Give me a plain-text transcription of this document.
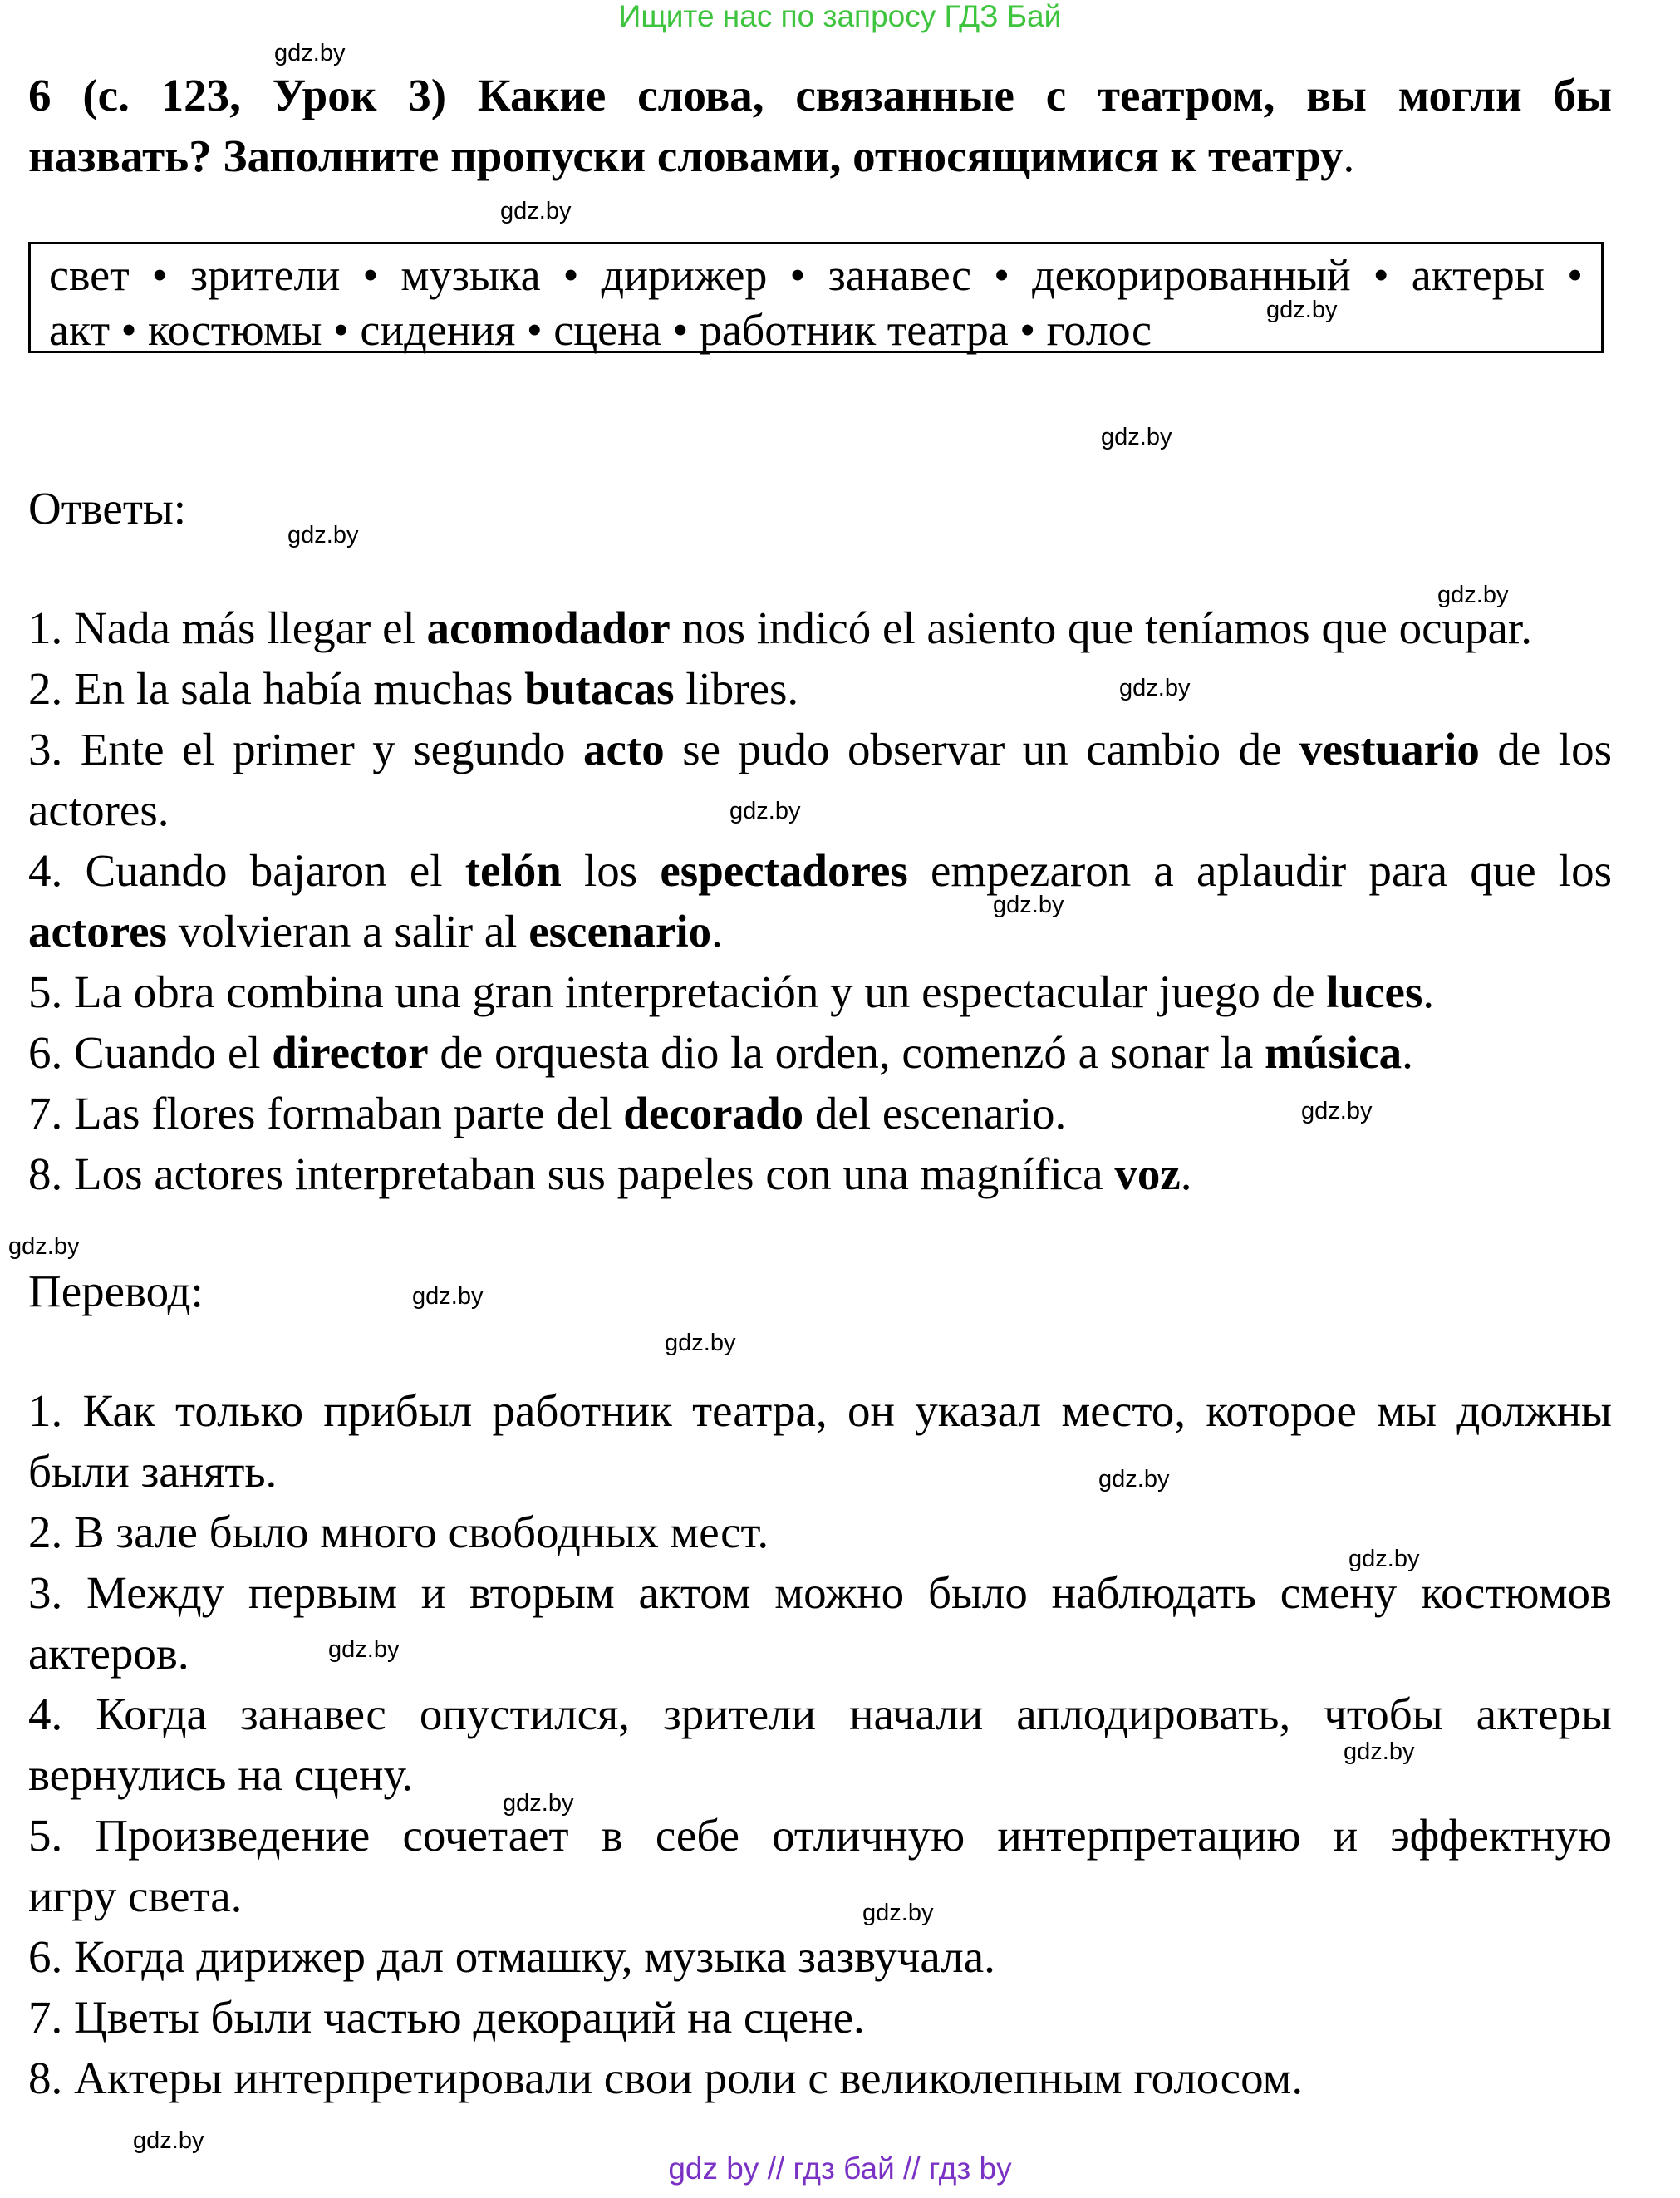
Ищите нас по запросу ГДЗ Бай
gdz.by
gdz.by
gdz.by
gdz.by
gdz.by
gdz.by
gdz.by
gdz.by
gdz.by
gdz.by
gdz.by
gdz.by
gdz.by
gdz.by
gdz.by
gdz.by
gdz.by
gdz.by
gdz.by
gdz.by
6 (с. 123, Урок 3) Какие слова, связанные с театром, вы могли бы
назвать? Заполните пропуски словами, относящимися к театру.
свет • зрители • музыка • дирижер • занавес • декорированный • актеры •
акт • костюмы • сидения • сцена • работник театра • голос
Ответы:
1. Nada más llegar el acomodador nos indicó el asiento que teníamos que ocupar.
2. En la sala había muchas butacas libres.
3. Ente el primer y segundo acto se pudo observar un cambio de vestuario de los actores.
4. Cuando bajaron el telón los espectadores empezaron a aplaudir para que los actores volvieran a salir al escenario.
5. La obra combina una gran interpretación y un espectacular juego de luces.
6. Cuando el director de orquesta dio la orden, comenzó a sonar la música.
7. Las flores formaban parte del decorado del escenario.
8. Los actores interpretaban sus papeles con una magnífica voz.
Перевод:
1. Как только прибыл работник театра, он указал место, которое мы должны
были занять.
2. В зале было много свободных мест.
3. Между первым и вторым актом можно было наблюдать смену костюмов
актеров.
4. Когда занавес опустился, зрители начали аплодировать, чтобы актеры
вернулись на сцену.
5. Произведение сочетает в себе отличную интерпретацию и эффектную
игру света.
6. Когда дирижер дал отмашку, музыка зазвучала.
7. Цветы были частью декораций на сцене.
8. Актеры интерпретировали свои роли с великолепным голосом.
gdz by // гдз бай // гдз by
